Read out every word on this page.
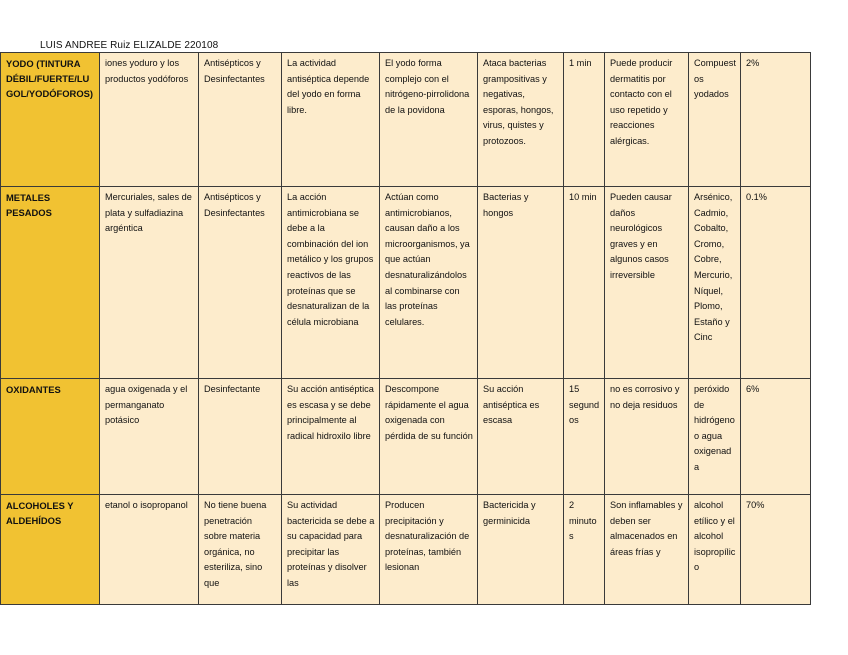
LUIS ANDREE Ruiz ELIZALDE 220108
YODO (TINTURA DÉBIL/FUERTE/LUGOL/YODÓFOROS)	iones yoduro y los productos yodóforos	Antisépticos y Desinfectantes	La actividad antiséptica depende del yodo en forma libre.	El yodo forma complejo con el nitrógeno-pirrolidona de la povidona	Ataca bacterias grampositivas y negativas, esporas, hongos, virus, quistes y protozoos.	1 min	Puede producir dermatitis por contacto con el uso repetido y reacciones alérgicas.	Compuestos yodados	2%
METALES PESADOS	Mercuriales, sales de plata y sulfadiazina argéntica	Antisépticos y Desinfectantes	La acción antimicrobiana se debe a la combinación del ion metálico y los grupos reactivos de las proteínas que se desnaturalizan de la célula microbiana	Actúan como antimicrobianos, causan daño a los microorganismos, ya que actúan desnaturalizándolos al combinarse con las proteínas celulares.	Bacterias y hongos	10 min	Pueden causar daños neurológicos graves y en algunos casos irreversible	Arsénico, Cadmio, Cobalto, Cromo, Cobre, Mercurio, Níquel, Plomo, Estaño y Cinc	0.1%
OXIDANTES	agua oxigenada y el permanganato potásico	Desinfectante	Su acción antiséptica es escasa y se debe principalmente al radical hidroxilo libre	Descompone rápidamente el agua oxigenada con pérdida de su función	Su acción antiséptica es escasa	15 segundos	no es corrosivo y no deja residuos	peróxido de hidrógeno o agua oxigenada	6%
ALCOHOLES Y ALDEHÍDOS	etanol o isopropanol	No tiene buena penetración sobre materia orgánica, no esteriliza, sino que	Su actividad bactericida se debe a su capacidad para precipitar las proteínas y disolver las	Producen precipitación y desnaturalización de proteínas, también lesionan	Bactericida y germinicida	2 minutos	Son inflamables y deben ser almacenados en áreas frías y	alcohol etílico y el alcohol isopropílico	70%
